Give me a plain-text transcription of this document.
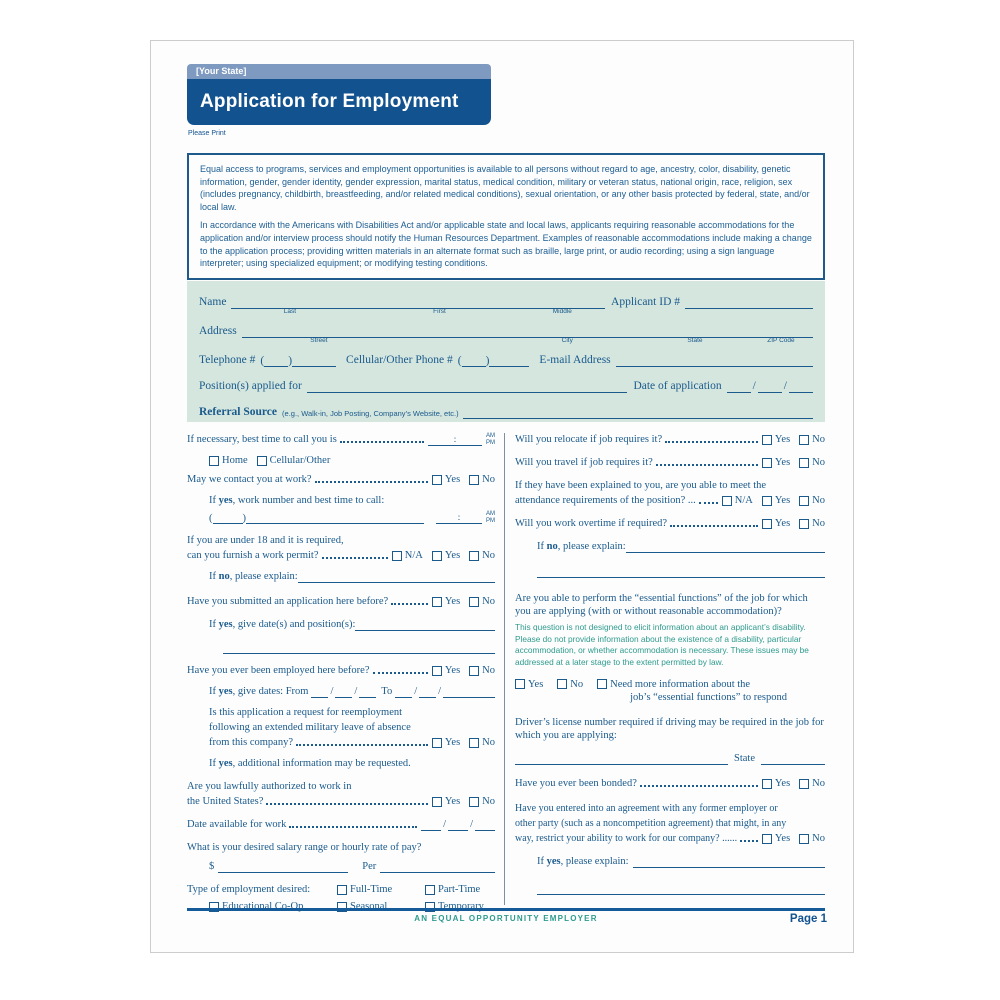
[Your State]
Application for Employment
Please Print

Equal access to programs, services and employment opportunities is available to all persons without regard to age, ancestry, color, disability, genetic information, gender, gender identity, gender expression, marital status, medical condition, military or veteran status, national origin, race, religion, sex (includes pregnancy, childbirth, breastfeeding, and/or related medical conditions), sexual orientation, or any other basis protected by federal, state, and/or local law.

In accordance with the Americans with Disabilities Act and/or applicable state and local laws, applicants requiring reasonable accommodations for the application and/or interview process should notify the Human Resources Department. Examples of reasonable accommodations include making a change to the application process; providing written materials in an alternate format such as braille, large print, or audio recording; using a sign language interpreter; using specialized equipment; or modifying testing conditions.

Name
Last	First	Middle
Applicant ID #
Address
Street	City	State	ZIP Code
Telephone # ( )	Cellular/Other Phone # ( )	E-mail Address
Position(s) applied for	Date of application	/ /
Referral Source (e.g., Walk-in, Job Posting, Company’s Website, etc.)
If necessary, best time to call you is	:	AM
PM
Home Cellular/Other
May we contact you at work?	Yes No
If yes, work number and best time to call:
(	)	:	AM
PM
If you are under 18 and it is required,
can you furnish a work permit?	N/A Yes No
If no, please explain:
Have you submitted an application here before?	Yes No
If yes, give date(s) and position(s):
Have you ever been employed here before?	Yes No
If yes, give dates: From / / To / /
Is this application a request for reemployment
following an extended military leave of absence
from this company?	Yes No
If yes, additional information may be requested.
Are you lawfully authorized to work in
the United States?	Yes No
Date available for work	/ /
What is your desired salary range or hourly rate of pay?
$	Per
Type of employment desired:	Full-Time	Part-Time
Educational Co-Op	Seasonal	Temporary
Will you relocate if job requires it?	Yes No
Will you travel if job requires it?	Yes No
If they have been explained to you, are you able to meet the
attendance requirements of the position? ...	N/A Yes No
Will you work overtime if required?	Yes No
If no, please explain:
Are you able to perform the “essential functions” of the job for which you are applying (with or without reasonable accommodation)?
This question is not designed to elicit information about an applicant’s disability. Please do not provide information about the existence of a disability, particular accommodation, or whether accommodation is necessary. These issues may be addressed at a later stage to the extent permitted by law.
Yes	No	Need more information about the
job’s “essential functions” to respond
Driver’s license number required if driving may be required in the job for which you are applying:
State
Have you ever been bonded?	Yes No
Have you entered into an agreement with any former employer or
other party (such as a noncompetition agreement) that might, in any
way, restrict your ability to work for our company? ......	Yes No
If yes, please explain:
AN EQUAL OPPORTUNITY EMPLOYER	Page 1
